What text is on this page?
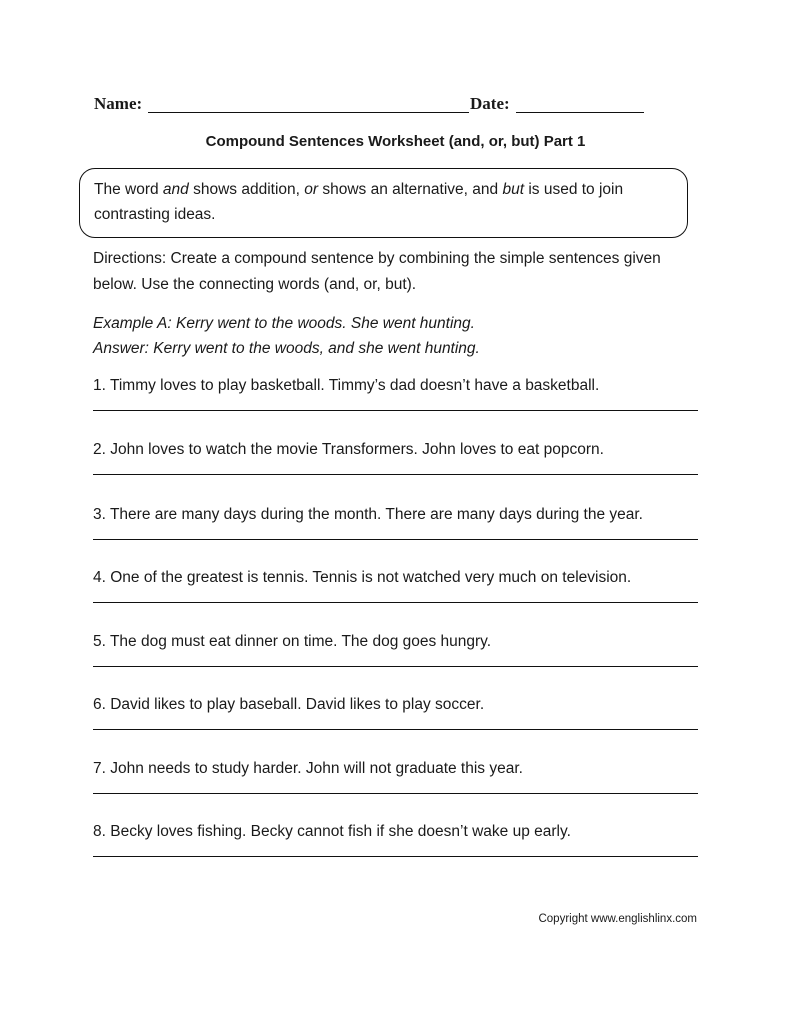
Name:	Date:
Compound Sentences Worksheet (and, or, but) Part 1
The word and shows addition, or shows an alternative, and but is used to join contrasting ideas.
Directions: Create a compound sentence by combining the simple sentences given below. Use the connecting words (and, or, but).
Example A: Kerry went to the woods. She went hunting.
Answer: Kerry went to the woods, and she went hunting.
1. Timmy loves to play basketball. Timmy’s dad doesn’t have a basketball.
2. John loves to watch the movie Transformers. John loves to eat popcorn.
3. There are many days during the month. There are many days during the year.
4. One of the greatest is tennis. Tennis is not watched very much on television.
5. The dog must eat dinner on time. The dog goes hungry.
6. David likes to play baseball. David likes to play soccer.
7. John needs to study harder. John will not graduate this year.
8. Becky loves fishing. Becky cannot fish if she doesn’t wake up early.
Copyright www.englishlinx.com
